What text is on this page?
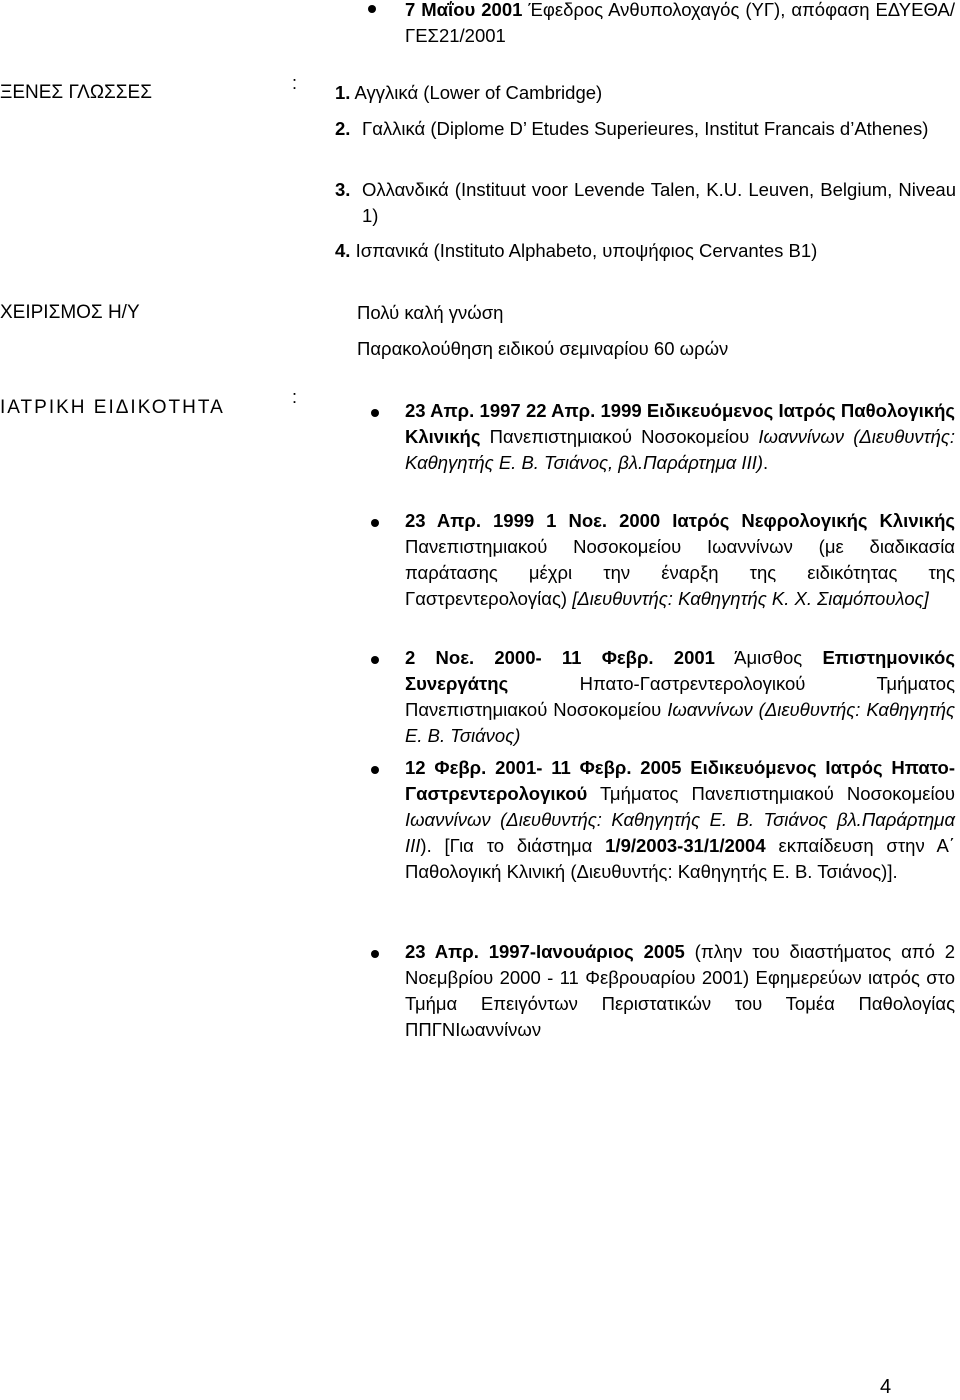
7 Μαΐου 2001 Έφεδρος Ανθυπολοχαγός (ΥΓ), απόφαση ΕΔΥΕΘΑ/ΓΕΣ21/2001
ΞΕΝΕΣ ΓΛΩΣΣΕΣ	: 1. Αγγλικά (Lower of Cambridge)
2. Γαλλικά (Diplome D’ Etudes Superieures, Institut Francais d’Athenes)
3. Ολλανδικά (Instituut voor Levende Talen, K.U. Leuven, Belgium, Niveau 1)
4. Ισπανικά (Instituto Alphabeto, υποψήφιος Cervantes B1)
ΧΕΙΡΙΣΜΟΣ Η/Υ	Πολύ καλή γνώση
Παρακολούθηση ειδικού σεμιναρίου 60 ωρών
ΙΑΤΡΙΚΗ ΕΙΔΙΚΟΤΗΤΑ	:
23 Απρ. 1997 22 Απρ. 1999 Ειδικευόμενος Ιατρός Παθολογικής Κλινικής Πανεπιστημιακού Νοσοκομείου Ιωαννίνων (Διευθυντής: Καθηγητής Ε. Β. Τσιάνος, βλ.Παράρτημα ΙΙΙ).
23 Απρ. 1999 1 Νοε. 2000 Ιατρός Νεφρολογικής Κλινικής Πανεπιστημιακού Νοσοκομείου Ιωαννίνων (με διαδικασία παράτασης μέχρι την έναρξη της ειδικότητας της Γαστρεντερολογίας) [Διευθυντής: Καθηγητής Κ. Χ. Σιαμόπουλος]
2 Νοε. 2000- 11 Φεβρ. 2001 Άμισθος Επιστημονικός Συνεργάτης Ηπατο-Γαστρεντερολογικού Τμήματος Πανεπιστημιακού Νοσοκομείου Ιωαννίνων (Διευθυντής: Καθηγητής Ε. Β. Τσιάνος)
12 Φεβρ. 2001- 11 Φεβρ. 2005 Ειδικευόμενος Ιατρός Ηπατο-Γαστρεντερολογικού Τμήματος Πανεπιστημιακού Νοσοκομείου Ιωαννίνων (Διευθυντής: Καθηγητής Ε. Β. Τσιάνος βλ.Παράρτημα ΙΙΙ). [Για το διάστημα 1/9/2003-31/1/2004 εκπαίδευση στην Α΄ Παθολογική Κλινική (Διευθυντής: Καθηγητής Ε. Β. Τσιάνος)].
23 Απρ. 1997-Ιανουάριος 2005 (πλην του διαστήματος από 2 Νοεμβρίου 2000 - 11 Φεβρουαρίου 2001) Εφημερεύων ιατρός στο Τμήμα Επειγόντων Περιστατικών του Τομέα Παθολογίας ΠΠΓΝΙωαννίνων
4
